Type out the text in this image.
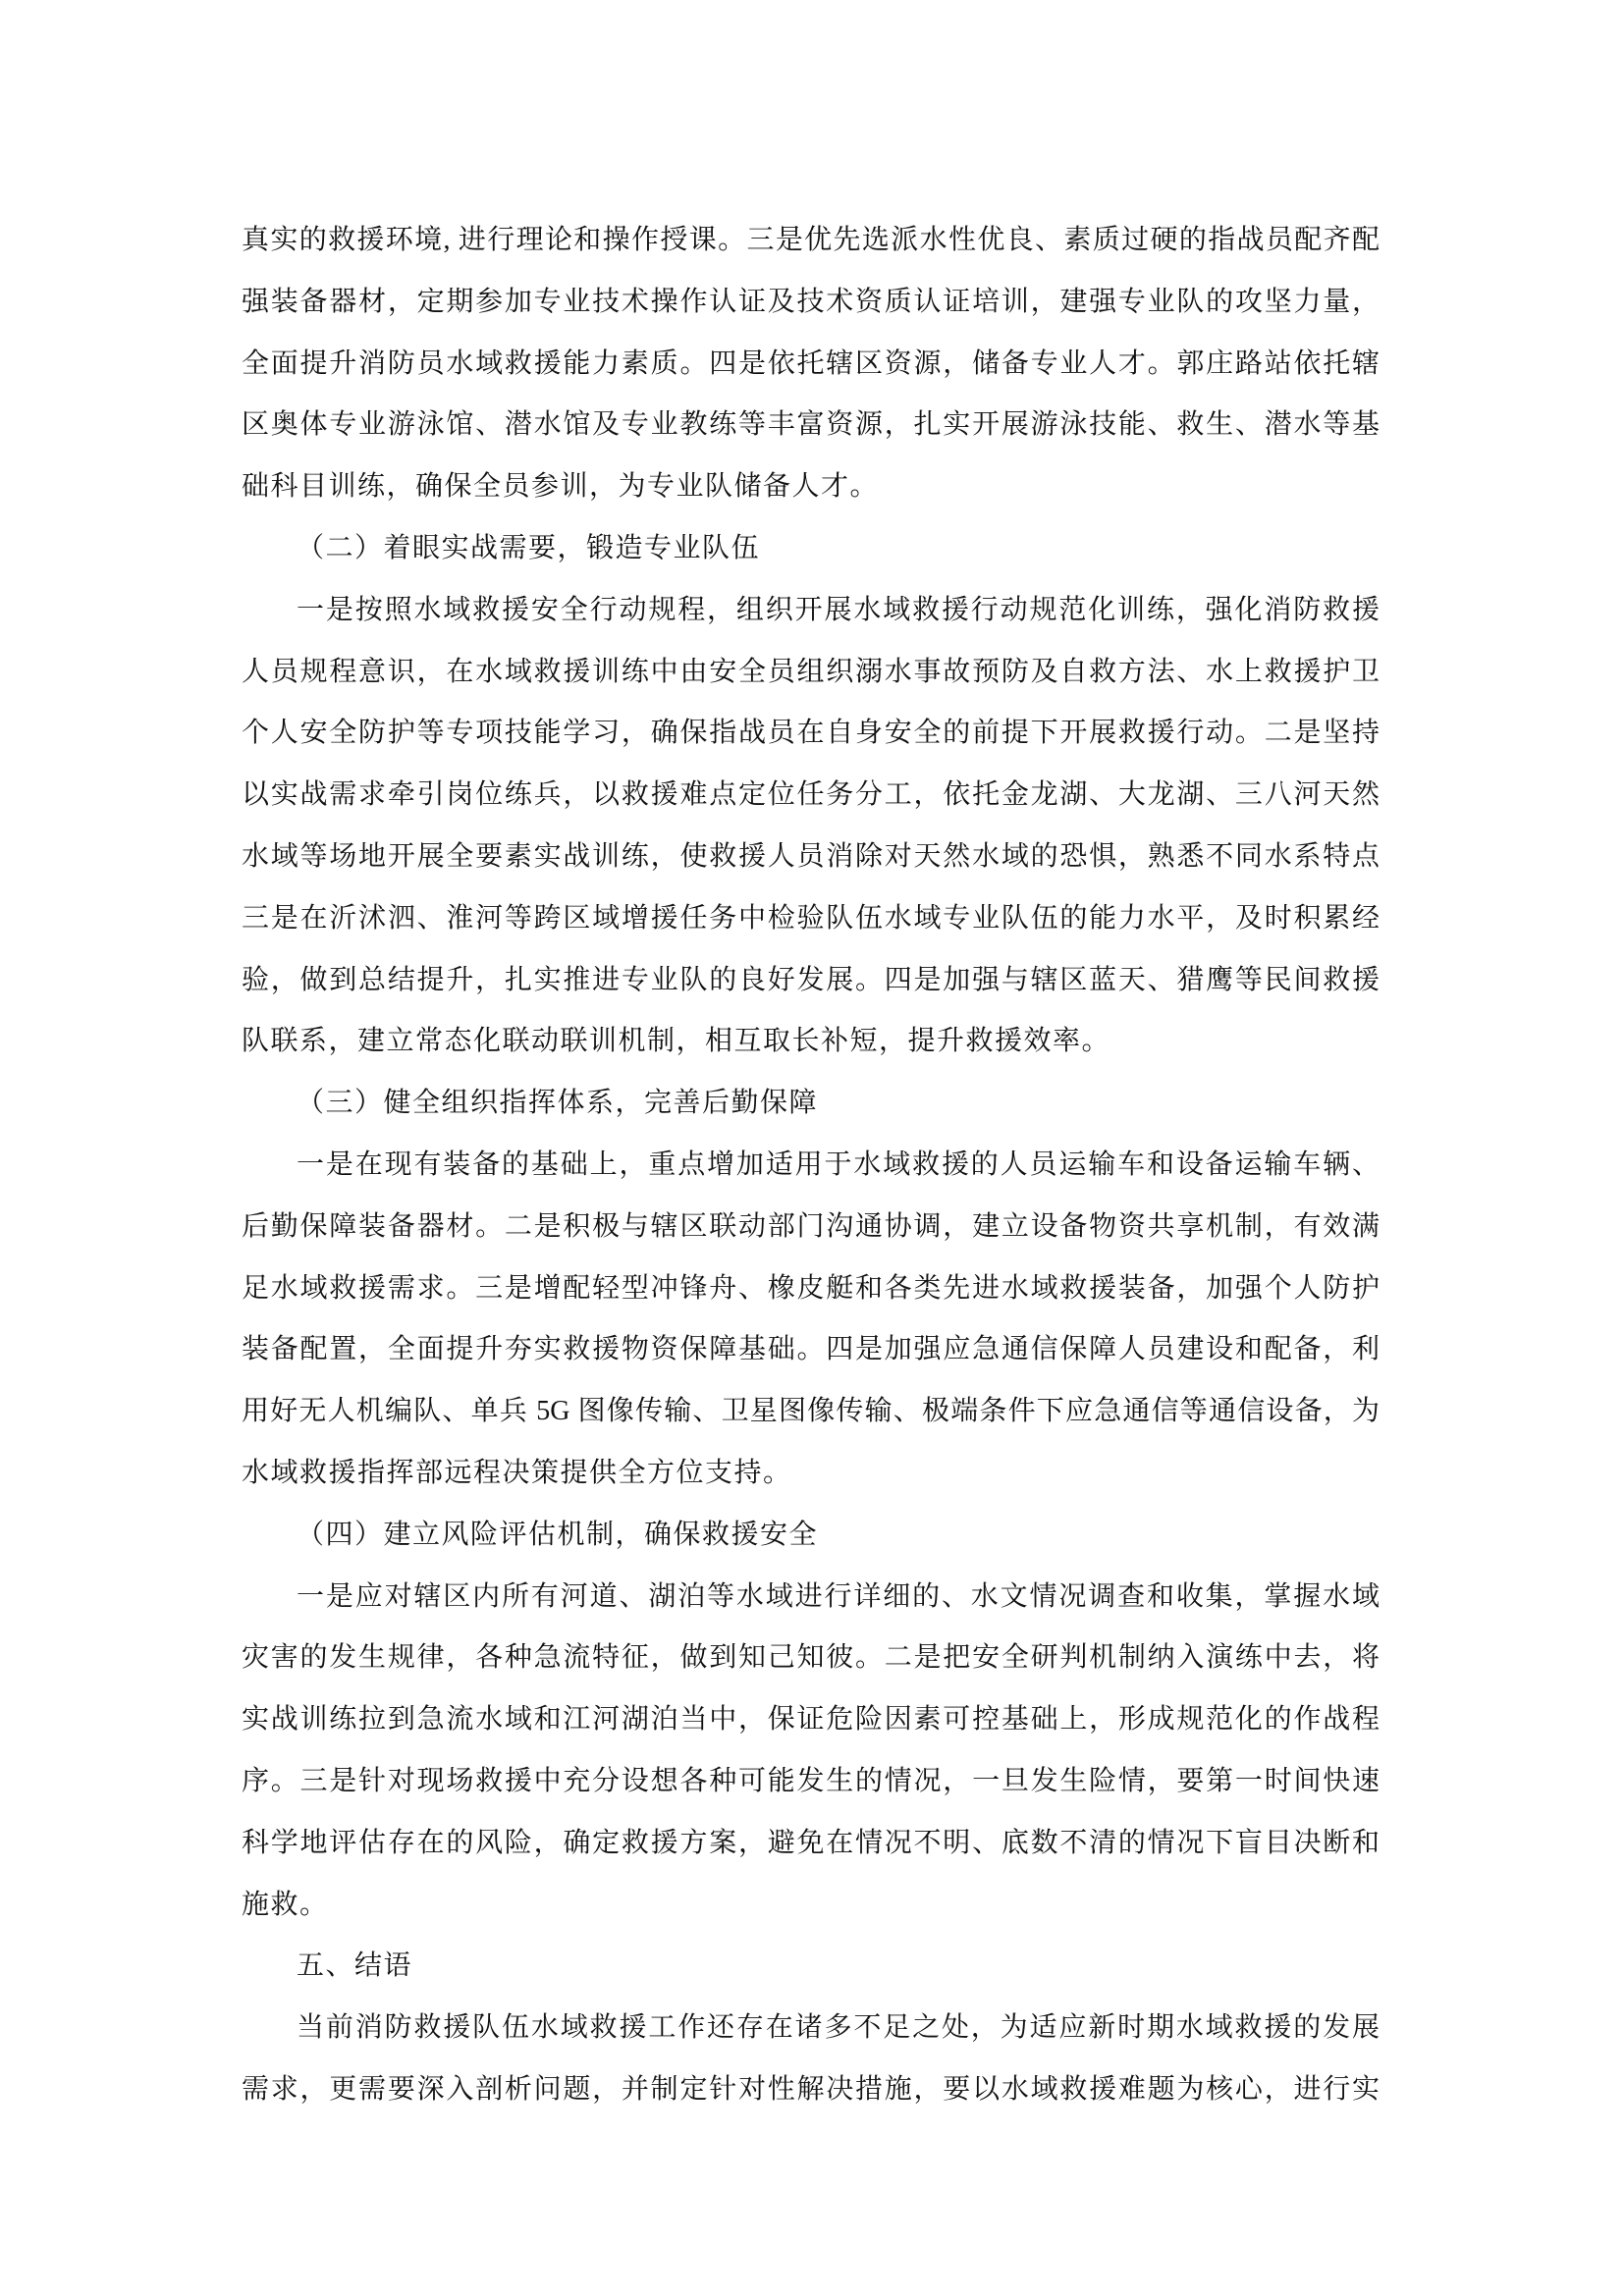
真实的救援环境, 进行理论和操作授课。三是优先选派水性优良、素质过硬的指战员配齐配
强装备器材，定期参加专业技术操作认证及技术资质认证培训，建强专业队的攻坚力量，
全面提升消防员水域救援能力素质。四是依托辖区资源，储备专业人才。郭庄路站依托辖
区奥体专业游泳馆、潜水馆及专业教练等丰富资源，扎实开展游泳技能、救生、潜水等基
础科目训练，确保全员参训，为专业队储备人才。
（二）着眼实战需要，锻造专业队伍
一是按照水域救援安全行动规程，组织开展水域救援行动规范化训练，强化消防救援
人员规程意识，在水域救援训练中由安全员组织溺水事故预防及自救方法、水上救援护卫
个人安全防护等专项技能学习，确保指战员在自身安全的前提下开展救援行动。二是坚持
以实战需求牵引岗位练兵，以救援难点定位任务分工，依托金龙湖、大龙湖、三八河天然
水域等场地开展全要素实战训练，使救援人员消除对天然水域的恐惧，熟悉不同水系特点
三是在沂沭泗、淮河等跨区域增援任务中检验队伍水域专业队伍的能力水平，及时积累经
验，做到总结提升，扎实推进专业队的良好发展。四是加强与辖区蓝天、猎鹰等民间救援
队联系，建立常态化联动联训机制，相互取长补短，提升救援效率。
（三）健全组织指挥体系，完善后勤保障
一是在现有装备的基础上，重点增加适用于水域救援的人员运输车和设备运输车辆、
后勤保障装备器材。二是积极与辖区联动部门沟通协调，建立设备物资共享机制，有效满
足水域救援需求。三是增配轻型冲锋舟、橡皮艇和各类先进水域救援装备，加强个人防护
装备配置，全面提升夯实救援物资保障基础。四是加强应急通信保障人员建设和配备，利
用好无人机编队、单兵 5G 图像传输、卫星图像传输、极端条件下应急通信等通信设备，为
水域救援指挥部远程决策提供全方位支持。
（四）建立风险评估机制，确保救援安全
一是应对辖区内所有河道、湖泊等水域进行详细的、水文情况调查和收集，掌握水域
灾害的发生规律，各种急流特征，做到知己知彼。二是把安全研判机制纳入演练中去，将
实战训练拉到急流水域和江河湖泊当中，保证危险因素可控基础上，形成规范化的作战程
序。三是针对现场救援中充分设想各种可能发生的情况，一旦发生险情，要第一时间快速
科学地评估存在的风险，确定救援方案，避免在情况不明、底数不清的情况下盲目决断和
施救。
五、结语
当前消防救援队伍水域救援工作还存在诸多不足之处，为适应新时期水域救援的发展
需求，更需要深入剖析问题，并制定针对性解决措施，要以水域救援难题为核心，进行实
